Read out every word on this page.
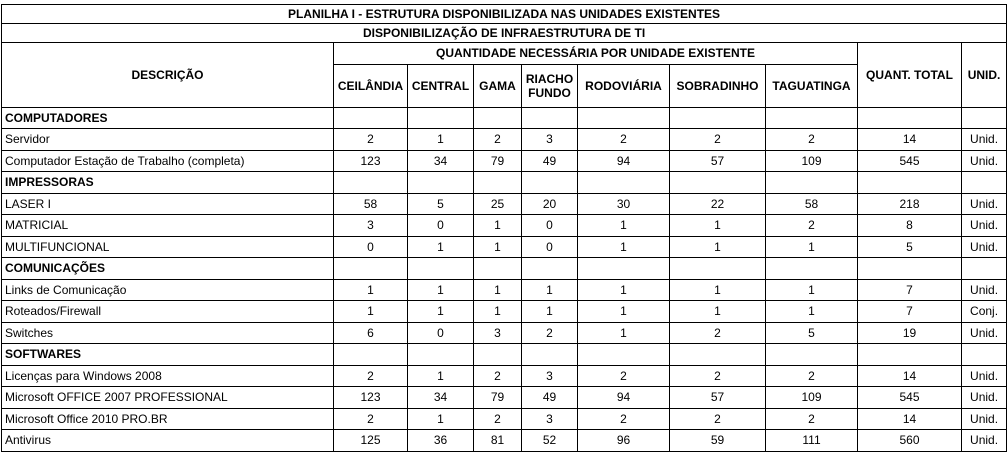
PLANILHA I - ESTRUTURA DISPONIBILIZADA NAS UNIDADES EXISTENTES									
DISPONIBILIZAÇÃO DE INFRAESTRUTURA DE TI									
DESCRIÇÃO	QUANTIDADE NECESSÁRIA POR UNIDADE EXISTENTE							QUANT. TOTAL	UNID.
	CEILÂNDIA	CENTRAL	GAMA	RIACHO FUNDO	RODOVIÁRIA	SOBRADINHO	TAGUATINGA		
COMPUTADORES									
Servidor	2	1	2	3	2	2	2	14	Unid.
Computador Estação de Trabalho (completa)	123	34	79	49	94	57	109	545	Unid.
IMPRESSORAS									
LASER I	58	5	25	20	30	22	58	218	Unid.
MATRICIAL	3	0	1	0	1	1	2	8	Unid.
MULTIFUNCIONAL	0	1	1	0	1	1	1	5	Unid.
COMUNICAÇÕES									
Links de Comunicação	1	1	1	1	1	1	1	7	Unid.
Roteados/Firewall	1	1	1	1	1	1	1	7	Conj.
Switches	6	0	3	2	1	2	5	19	Unid.
SOFTWARES									
Licenças para Windows 2008	2	1	2	3	2	2	2	14	Unid.
Microsoft OFFICE 2007 PROFESSIONAL	123	34	79	49	94	57	109	545	Unid.
Microsoft Office 2010 PRO.BR	2	1	2	3	2	2	2	14	Unid.
Antivirus	125	36	81	52	96	59	111	560	Unid.
